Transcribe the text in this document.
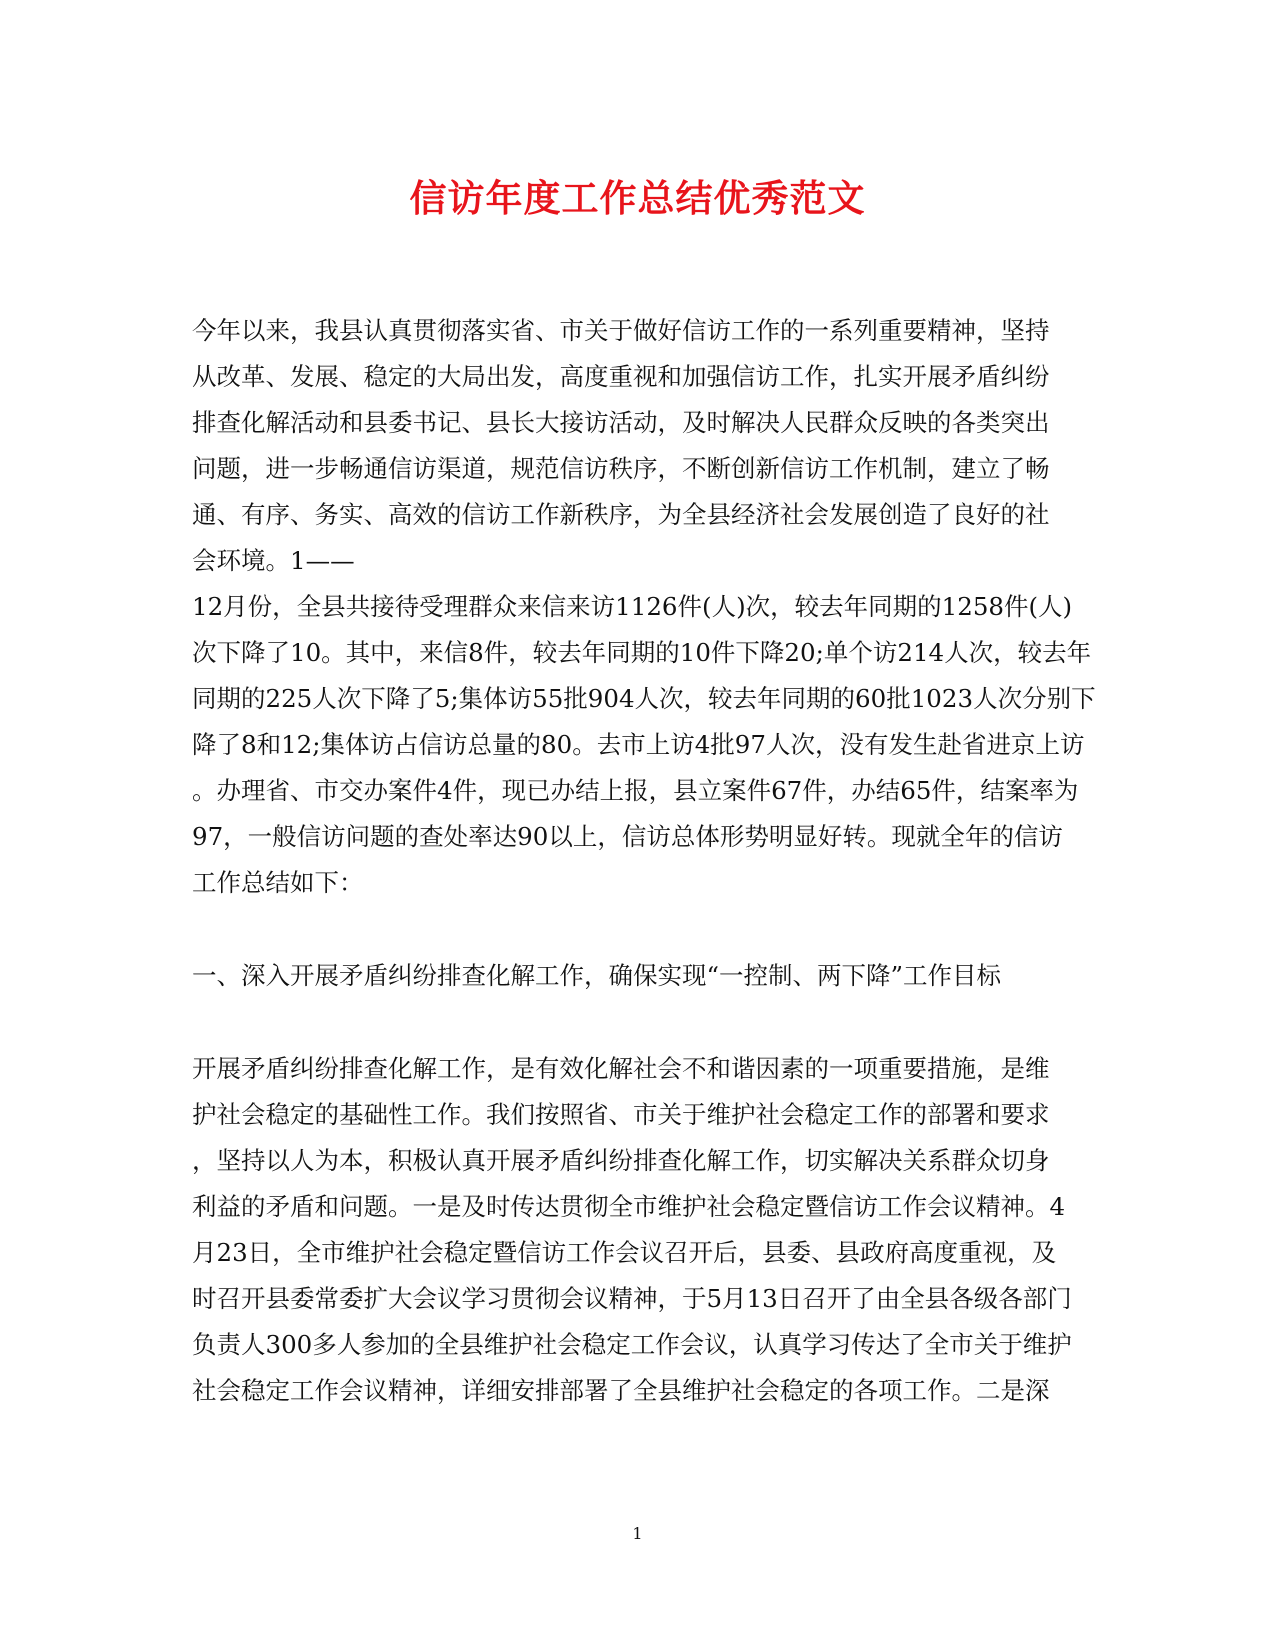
信访年度工作总结优秀范文
今年以来，我县认真贯彻落实省、市关于做好信访工作的一系列重要精神，坚持
从改革、发展、稳定的大局出发，高度重视和加强信访工作，扎实开展矛盾纠纷
排查化解活动和县委书记、县长大接访活动，及时解决人民群众反映的各类突出
问题，进一步畅通信访渠道，规范信访秩序，不断创新信访工作机制，建立了畅
通、有序、务实、高效的信访工作新秩序，为全县经济社会发展创造了良好的社
会环境。1——
12月份，全县共接待受理群众来信来访1126件(人)次，较去年同期的1258件(人)
次下降了10。其中，来信8件，较去年同期的10件下降20;单个访214人次，较去年
同期的225人次下降了5;集体访55批904人次，较去年同期的60批1023人次分别下
降了8和12;集体访占信访总量的80。去市上访4批97人次，没有发生赴省进京上访
。办理省、市交办案件4件，现已办结上报，县立案件67件，办结65件，结案率为
97，一般信访问题的查处率达90以上，信访总体形势明显好转。现就全年的信访
工作总结如下：
一、深入开展矛盾纠纷排查化解工作，确保实现“一控制、两下降”工作目标
开展矛盾纠纷排查化解工作，是有效化解社会不和谐因素的一项重要措施，是维
护社会稳定的基础性工作。我们按照省、市关于维护社会稳定工作的部署和要求
，坚持以人为本，积极认真开展矛盾纠纷排查化解工作，切实解决关系群众切身
利益的矛盾和问题。一是及时传达贯彻全市维护社会稳定暨信访工作会议精神。4
月23日，全市维护社会稳定暨信访工作会议召开后，县委、县政府高度重视，及
时召开县委常委扩大会议学习贯彻会议精神，于5月13日召开了由全县各级各部门
负责人300多人参加的全县维护社会稳定工作会议，认真学习传达了全市关于维护
社会稳定工作会议精神，详细安排部署了全县维护社会稳定的各项工作。二是深
1
